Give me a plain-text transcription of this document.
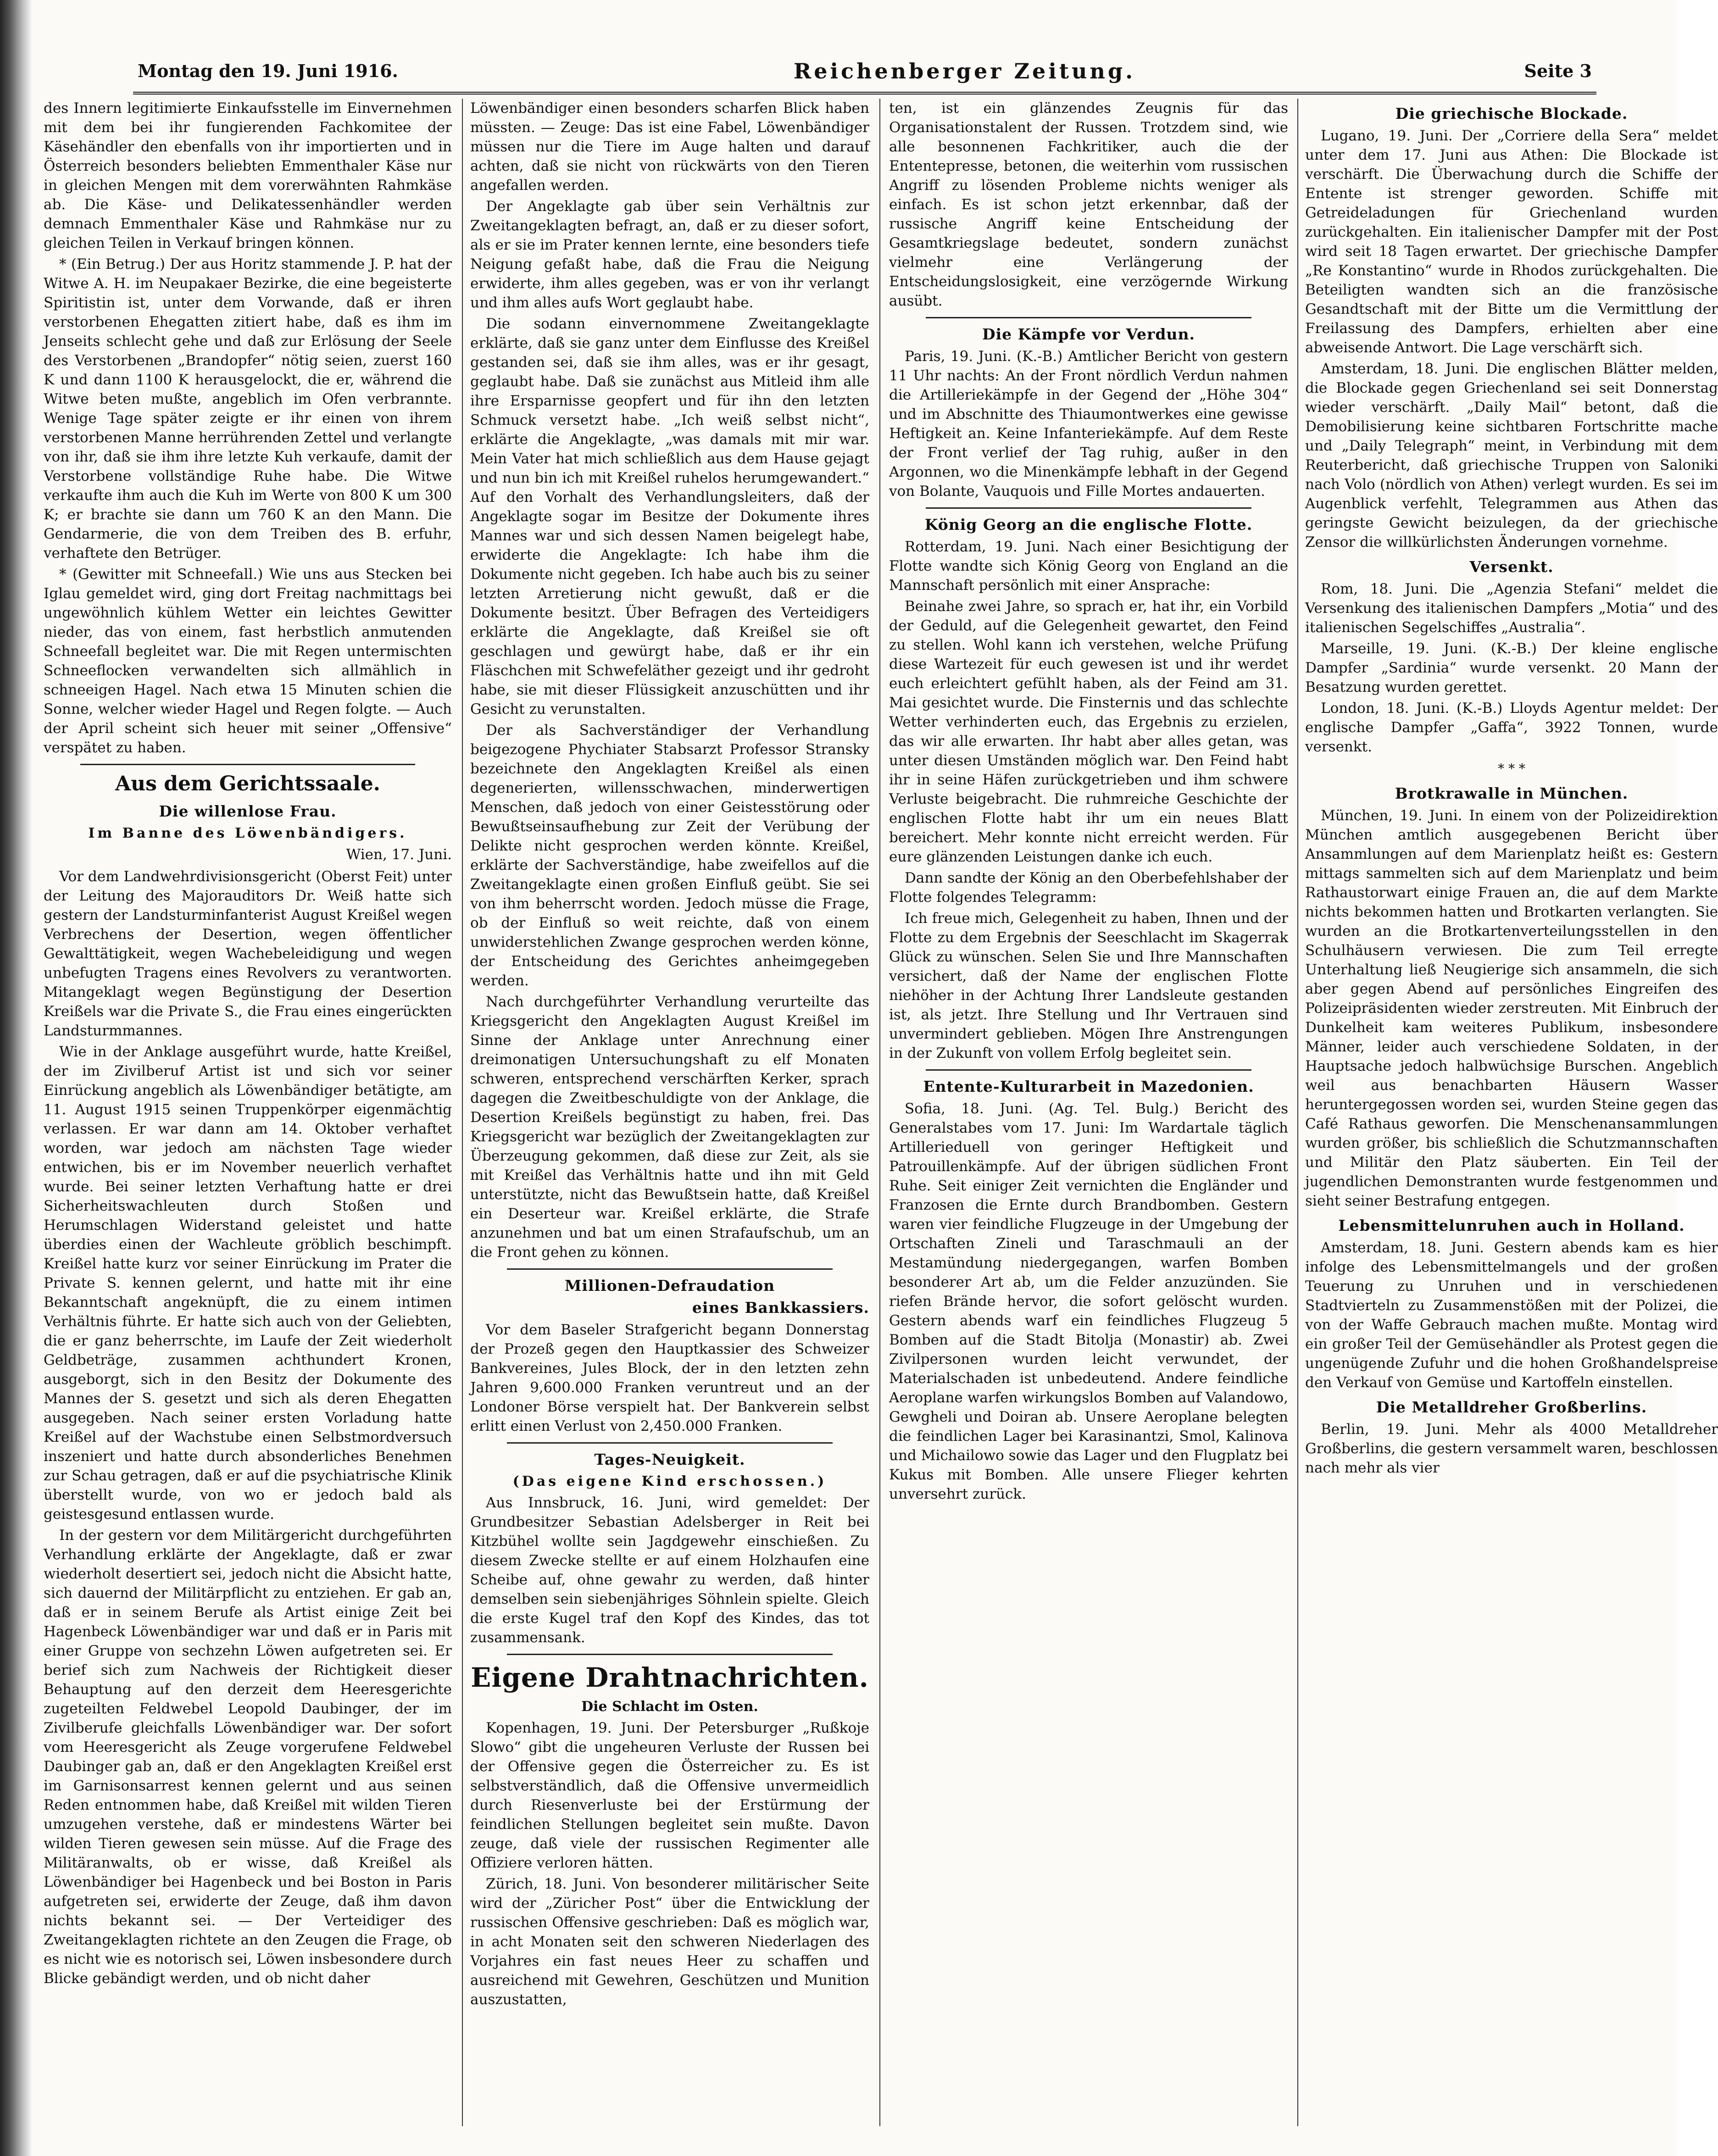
Montag den 19. Juni 1916.	Reichenberger Zeitung.	Seite 3

des Innern legitimierte Einkaufsstelle im Einvernehmen mit dem bei ihr fungierenden Fachkomitee der Käsehändler den ebenfalls von ihr importierten und in Österreich besonders beliebten Emmenthaler Käse nur in gleichen Mengen mit dem vorerwähnten Rahmkäse ab. Die Käse- und Delikatessenhändler werden demnach Emmenthaler Käse und Rahmkäse nur zu gleichen Teilen in Verkauf bringen können.

* (Ein Betrug.) Der aus Horitz stammende J. P. hat der Witwe A. H. im Neupakaer Bezirke, die eine begeisterte Spiritistin ist, unter dem Vorwande, daß er ihren verstorbenen Ehegatten zitiert habe, daß es ihm im Jenseits schlecht gehe und daß zur Erlösung der Seele des Verstorbenen „Brandopfer“ nötig seien, zuerst 160 K und dann 1100 K herausgelockt, die er, während die Witwe beten mußte, angeblich im Ofen verbrannte. Wenige Tage später zeigte er ihr einen von ihrem verstorbenen Manne herrührenden Zettel und verlangte von ihr, daß sie ihm ihre letzte Kuh verkaufe, damit der Verstorbene vollständige Ruhe habe. Die Witwe verkaufte ihm auch die Kuh im Werte von 800 K um 300 K; er brachte sie dann um 760 K an den Mann. Die Gendarmerie, die von dem Treiben des B. erfuhr, verhaftete den Betrüger.

* (Gewitter mit Schneefall.) Wie uns aus Stecken bei Iglau gemeldet wird, ging dort Freitag nachmittags bei ungewöhnlich kühlem Wetter ein leichtes Gewitter nieder, das von einem, fast herbstlich anmutenden Schneefall begleitet war. Die mit Regen untermischten Schneeflocken verwandelten sich allmählich in schneeigen Hagel. Nach etwa 15 Minuten schien die Sonne, welcher wieder Hagel und Regen folgte. — Auch der April scheint sich heuer mit seiner „Offensive“ verspätet zu haben.

Aus dem Gerichtssaale.
Die willenlose Frau.
Im Banne des Löwenbändigers.
Wien, 17. Juni.

Vor dem Landwehrdivisionsgericht (Oberst Feit) unter der Leitung des Majorauditors Dr. Weiß hatte sich gestern der Landsturminfanterist August Kreißel wegen Verbrechens der Desertion, wegen öffentlicher Gewalttätigkeit, wegen Wachebeleidigung und wegen unbefugten Tragens eines Revolvers zu verantworten. Mitangeklagt wegen Begünstigung der Desertion Kreißels war die Private S., die Frau eines eingerückten Landsturmmannes.

Wie in der Anklage ausgeführt wurde, hatte Kreißel, der im Zivilberuf Artist ist und sich vor seiner Einrückung angeblich als Löwenbändiger betätigte, am 11. August 1915 seinen Truppenkörper eigenmächtig verlassen. Er war dann am 14. Oktober verhaftet worden, war jedoch am nächsten Tage wieder entwichen, bis er im November neuerlich verhaftet wurde. Bei seiner letzten Verhaftung hatte er drei Sicherheitswachleuten durch Stoßen und Herumschlagen Widerstand geleistet und hatte überdies einen der Wachleute gröblich beschimpft. Kreißel hatte kurz vor seiner Einrückung im Prater die Private S. kennen gelernt, und hatte mit ihr eine Bekanntschaft angeknüpft, die zu einem intimen Verhältnis führte. Er hatte sich auch von der Geliebten, die er ganz beherrschte, im Laufe der Zeit wiederholt Geldbeträge, zusammen achthundert Kronen, ausgeborgt, sich in den Besitz der Dokumente des Mannes der S. gesetzt und sich als deren Ehegatten ausgegeben. Nach seiner ersten Vorladung hatte Kreißel auf der Wachstube einen Selbstmordversuch inszeniert und hatte durch absonderliches Benehmen zur Schau getragen, daß er auf die psychiatrische Klinik überstellt wurde, von wo er jedoch bald als geistesgesund entlassen wurde.

In der gestern vor dem Militärgericht durchgeführten Verhandlung erklärte der Angeklagte, daß er zwar wiederholt desertiert sei, jedoch nicht die Absicht hatte, sich dauernd der Militärpflicht zu entziehen. Er gab an, daß er in seinem Berufe als Artist einige Zeit bei Hagenbeck Löwenbändiger war und daß er in Paris mit einer Gruppe von sechzehn Löwen aufgetreten sei. Er berief sich zum Nachweis der Richtigkeit dieser Behauptung auf den derzeit dem Heeresgerichte zugeteilten Feldwebel Leopold Daubinger, der im Zivilberufe gleichfalls Löwenbändiger war. Der sofort vom Heeresgericht als Zeuge vorgerufene Feldwebel Daubinger gab an, daß er den Angeklagten Kreißel erst im Garnisonsarrest kennen gelernt und aus seinen Reden entnommen habe, daß Kreißel mit wilden Tieren umzugehen verstehe, daß er mindestens Wärter bei wilden Tieren gewesen sein müsse. Auf die Frage des Militäranwalts, ob er wisse, daß Kreißel als Löwenbändiger bei Hagenbeck und bei Boston in Paris aufgetreten sei, erwiderte der Zeuge, daß ihm davon nichts bekannt sei. — Der Verteidiger des Zweitangeklagten richtete an den Zeugen die Frage, ob es nicht wie es notorisch sei, Löwen insbesondere durch Blicke gebändigt werden, und ob nicht daher

Löwenbändiger einen besonders scharfen Blick haben müssten. — Zeuge: Das ist eine Fabel, Löwenbändiger müssen nur die Tiere im Auge halten und darauf achten, daß sie nicht von rückwärts von den Tieren angefallen werden.

Der Angeklagte gab über sein Verhältnis zur Zweitangeklagten befragt, an, daß er zu dieser sofort, als er sie im Prater kennen lernte, eine besonders tiefe Neigung gefaßt habe, daß die Frau die Neigung erwiderte, ihm alles gegeben, was er von ihr verlangt und ihm alles aufs Wort geglaubt habe.

Die sodann einvernommene Zweitangeklagte erklärte, daß sie ganz unter dem Einflusse des Kreißel gestanden sei, daß sie ihm alles, was er ihr gesagt, geglaubt habe. Daß sie zunächst aus Mitleid ihm alle ihre Ersparnisse geopfert und für ihn den letzten Schmuck versetzt habe. „Ich weiß selbst nicht“, erklärte die Angeklagte, „was damals mit mir war. Mein Vater hat mich schließlich aus dem Hause gejagt und nun bin ich mit Kreißel ruhelos herumgewandert.“ Auf den Vorhalt des Verhandlungsleiters, daß der Angeklagte sogar im Besitze der Dokumente ihres Mannes war und sich dessen Namen beigelegt habe, erwiderte die Angeklagte: Ich habe ihm die Dokumente nicht gegeben. Ich habe auch bis zu seiner letzten Arretierung nicht gewußt, daß er die Dokumente besitzt. Über Befragen des Verteidigers erklärte die Angeklagte, daß Kreißel sie oft geschlagen und gewürgt habe, daß er ihr ein Fläschchen mit Schwefeläther gezeigt und ihr gedroht habe, sie mit dieser Flüssigkeit anzuschütten und ihr Gesicht zu verunstalten.

Der als Sachverständiger der Verhandlung beigezogene Phychiater Stabsarzt Professor Stransky bezeichnete den Angeklagten Kreißel als einen degenerierten, willensschwachen, minderwertigen Menschen, daß jedoch von einer Geistesstörung oder Bewußtseinsaufhebung zur Zeit der Verübung der Delikte nicht gesprochen werden könnte. Kreißel, erklärte der Sachverständige, habe zweifellos auf die Zweitangeklagte einen großen Einfluß geübt. Sie sei von ihm beherrscht worden. Jedoch müsse die Frage, ob der Einfluß so weit reichte, daß von einem unwiderstehlichen Zwange gesprochen werden könne, der Entscheidung des Gerichtes anheimgegeben werden.

Nach durchgeführter Verhandlung verurteilte das Kriegsgericht den Angeklagten August Kreißel im Sinne der Anklage unter Anrechnung einer dreimonatigen Untersuchungshaft zu elf Monaten schweren, entsprechend verschärften Kerker, sprach dagegen die Zweitbeschuldigte von der Anklage, die Desertion Kreißels begünstigt zu haben, frei. Das Kriegsgericht war bezüglich der Zweitangeklagten zur Überzeugung gekommen, daß diese zur Zeit, als sie mit Kreißel das Verhältnis hatte und ihn mit Geld unterstützte, nicht das Bewußtsein hatte, daß Kreißel ein Deserteur war. Kreißel erklärte, die Strafe anzunehmen und bat um einen Strafaufschub, um an die Front gehen zu können.

Millionen-Defraudation
eines Bankkassiers.

Vor dem Baseler Strafgericht begann Donnerstag der Prozeß gegen den Hauptkassier des Schweizer Bankvereines, Jules Block, der in den letzten zehn Jahren 9,600.000 Franken veruntreut und an der Londoner Börse verspielt hat. Der Bankverein selbst erlitt einen Verlust von 2,450.000 Franken.

Tages-Neuigkeit.
(Das eigene Kind erschossen.)

Aus Innsbruck, 16. Juni, wird gemeldet: Der Grundbesitzer Sebastian Adelsberger in Reit bei Kitzbühel wollte sein Jagdgewehr einschießen. Zu diesem Zwecke stellte er auf einem Holzhaufen eine Scheibe auf, ohne gewahr zu werden, daß hinter demselben sein siebenjähriges Söhnlein spielte. Gleich die erste Kugel traf den Kopf des Kindes, das tot zusammensank.

Eigene Drahtnachrichten.
Die Schlacht im Osten.

Kopenhagen, 19. Juni. Der Petersburger „Rußkoje Slowo“ gibt die ungeheuren Verluste der Russen bei der Offensive gegen die Österreicher zu. Es ist selbstverständlich, daß die Offensive unvermeidlich durch Riesenverluste bei der Erstürmung der feindlichen Stellungen begleitet sein mußte. Davon zeuge, daß viele der russischen Regimenter alle Offiziere verloren hätten.

Zürich, 18. Juni. Von besonderer militärischer Seite wird der „Züricher Post“ über die Entwicklung der russischen Offensive geschrieben: Daß es möglich war, in acht Monaten seit den schweren Niederlagen des Vorjahres ein fast neues Heer zu schaffen und ausreichend mit Gewehren, Geschützen und Munition auszustatten,

ten, ist ein glänzendes Zeugnis für das Organisationstalent der Russen. Trotzdem sind, wie alle besonnenen Fachkritiker, auch die der Ententepresse, betonen, die weiterhin vom russischen Angriff zu lösenden Probleme nichts weniger als einfach. Es ist schon jetzt erkennbar, daß der russische Angriff keine Entscheidung der Gesamtkriegslage bedeutet, sondern zunächst vielmehr eine Verlängerung der Entscheidungslosigkeit, eine verzögernde Wirkung ausübt.

Die Kämpfe vor Verdun.

Paris, 19. Juni. (K.-B.) Amtlicher Bericht von gestern 11 Uhr nachts: An der Front nördlich Verdun nahmen die Artilleriekämpfe in der Gegend der „Höhe 304“ und im Abschnitte des Thiaumontwerkes eine gewisse Heftigkeit an. Keine Infanteriekämpfe. Auf dem Reste der Front verlief der Tag ruhig, außer in den Argonnen, wo die Minenkämpfe lebhaft in der Gegend von Bolante, Vauquois und Fille Mortes andauerten.

König Georg an die englische Flotte.

Rotterdam, 19. Juni. Nach einer Besichtigung der Flotte wandte sich König Georg von England an die Mannschaft persönlich mit einer Ansprache:

Beinahe zwei Jahre, so sprach er, hat ihr, ein Vorbild der Geduld, auf die Gelegenheit gewartet, den Feind zu stellen. Wohl kann ich verstehen, welche Prüfung diese Wartezeit für euch gewesen ist und ihr werdet euch erleichtert gefühlt haben, als der Feind am 31. Mai gesichtet wurde. Die Finsternis und das schlechte Wetter verhinderten euch, das Ergebnis zu erzielen, das wir alle erwarten. Ihr habt aber alles getan, was unter diesen Umständen möglich war. Den Feind habt ihr in seine Häfen zurückgetrieben und ihm schwere Verluste beigebracht. Die ruhmreiche Geschichte der englischen Flotte habt ihr um ein neues Blatt bereichert. Mehr konnte nicht erreicht werden. Für eure glänzenden Leistungen danke ich euch.

Dann sandte der König an den Oberbefehlshaber der Flotte folgendes Telegramm:

Ich freue mich, Gelegenheit zu haben, Ihnen und der Flotte zu dem Ergebnis der Seeschlacht im Skagerrak Glück zu wünschen. Selen Sie und Ihre Mannschaften versichert, daß der Name der englischen Flotte niehöher in der Achtung Ihrer Landsleute gestanden ist, als jetzt. Ihre Stellung und Ihr Vertrauen sind unvermindert geblieben. Mögen Ihre Anstrengungen in der Zukunft von vollem Erfolg begleitet sein.

Entente-Kulturarbeit in Mazedonien.

Sofia, 18. Juni. (Ag. Tel. Bulg.) Bericht des Generalstabes vom 17. Juni: Im Wardartale täglich Artillerieduell von geringer Heftigkeit und Patrouillenkämpfe. Auf der übrigen südlichen Front Ruhe. Seit einiger Zeit vernichten die Engländer und Franzosen die Ernte durch Brandbomben. Gestern waren vier feindliche Flugzeuge in der Umgebung der Ortschaften Zineli und Taraschmauli an der Mestamündung niedergegangen, warfen Bomben besonderer Art ab, um die Felder anzuzünden. Sie riefen Brände hervor, die sofort gelöscht wurden. Gestern abends warf ein feindliches Flugzeug 5 Bomben auf die Stadt Bitolja (Monastir) ab. Zwei Zivilpersonen wurden leicht verwundet, der Materialschaden ist unbedeutend. Andere feindliche Aeroplane warfen wirkungslos Bomben auf Valandowo, Gewgheli und Doiran ab. Unsere Aeroplane belegten die feindlichen Lager bei Karasinantzi, Smol, Kalinova und Michailowo sowie das Lager und den Flugplatz bei Kukus mit Bomben. Alle unsere Flieger kehrten unversehrt zurück.

Die griechische Blockade.

Lugano, 19. Juni. Der „Corriere della Sera“ meldet unter dem 17. Juni aus Athen: Die Blockade ist verschärft. Die Überwachung durch die Schiffe der Entente ist strenger geworden. Schiffe mit Getreideladungen für Griechenland wurden zurückgehalten. Ein italienischer Dampfer mit der Post wird seit 18 Tagen erwartet. Der griechische Dampfer „Re Konstantino“ wurde in Rhodos zurückgehalten. Die Beteiligten wandten sich an die französische Gesandtschaft mit der Bitte um die Vermittlung der Freilassung des Dampfers, erhielten aber eine abweisende Antwort. Die Lage verschärft sich.

Amsterdam, 18. Juni. Die englischen Blätter melden, die Blockade gegen Griechenland sei seit Donnerstag wieder verschärft. „Daily Mail“ betont, daß die Demobilisierung keine sichtbaren Fortschritte mache und „Daily Telegraph“ meint, in Verbindung mit dem Reuterbericht, daß griechische Truppen von Saloniki nach Volo (nördlich von Athen) verlegt wurden. Es sei im Augenblick verfehlt, Telegrammen aus Athen das geringste Gewicht beizulegen, da der griechische Zensor die willkürlichsten Änderungen vornehme.

Versenkt.

Rom, 18. Juni. Die „Agenzia Stefani“ meldet die Versenkung des italienischen Dampfers „Motia“ und des italienischen Segelschiffes „Australia“.

Marseille, 19. Juni. (K.-B.) Der kleine englische Dampfer „Sardinia“ wurde versenkt. 20 Mann der Besatzung wurden gerettet.

London, 18. Juni. (K.-B.) Lloyds Agentur meldet: Der englische Dampfer „Gaffa“, 3922 Tonnen, wurde versenkt.

* * *
Brotkrawalle in München.

München, 19. Juni. In einem von der Polizeidirektion München amtlich ausgegebenen Bericht über Ansammlungen auf dem Marienplatz heißt es: Gestern mittags sammelten sich auf dem Marienplatz und beim Rathaustorwart einige Frauen an, die auf dem Markte nichts bekommen hatten und Brotkarten verlangten. Sie wurden an die Brotkartenverteilungsstellen in den Schulhäusern verwiesen. Die zum Teil erregte Unterhaltung ließ Neugierige sich ansammeln, die sich aber gegen Abend auf persönliches Eingreifen des Polizeipräsidenten wieder zerstreuten. Mit Einbruch der Dunkelheit kam weiteres Publikum, insbesondere Männer, leider auch verschiedene Soldaten, in der Hauptsache jedoch halbwüchsige Burschen. Angeblich weil aus benachbarten Häusern Wasser heruntergegossen worden sei, wurden Steine gegen das Café Rathaus geworfen. Die Menschenansammlungen wurden größer, bis schließlich die Schutzmannschaften und Militär den Platz säuberten. Ein Teil der jugendlichen Demonstranten wurde festgenommen und sieht seiner Bestrafung entgegen.

Lebensmittelunruhen auch in Holland.

Amsterdam, 18. Juni. Gestern abends kam es hier infolge des Lebensmittelmangels und der großen Teuerung zu Unruhen und in verschiedenen Stadtvierteln zu Zusammenstößen mit der Polizei, die von der Waffe Gebrauch machen mußte. Montag wird ein großer Teil der Gemüsehändler als Protest gegen die ungenügende Zufuhr und die hohen Großhandelspreise den Verkauf von Gemüse und Kartoffeln einstellen.

Die Metalldreher Großberlins.

Berlin, 19. Juni. Mehr als 4000 Metalldreher Großberlins, die gestern versammelt waren, beschlossen nach mehr als vier
